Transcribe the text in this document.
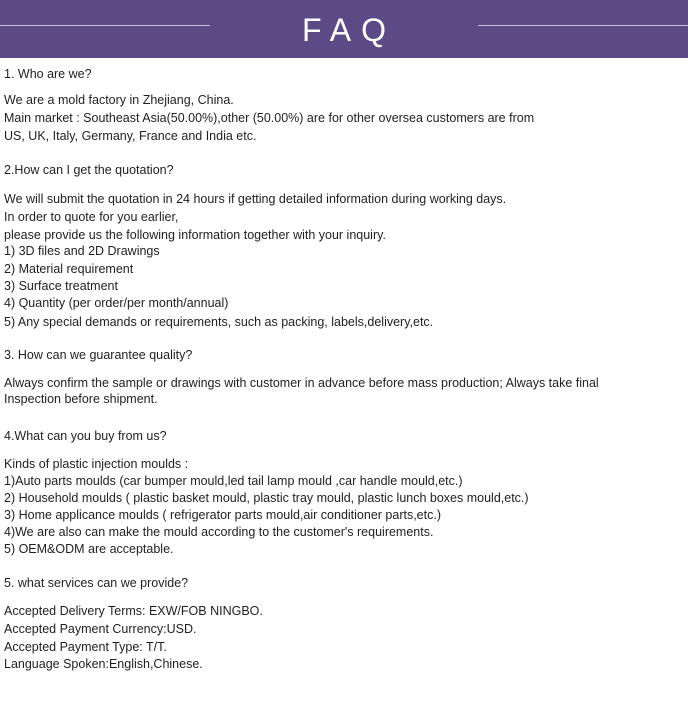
FAQ
1. Who are we?
We are a mold factory in Zhejiang, China.
Main market : Southeast Asia(50.00%),other (50.00%) are for other oversea customers are from
US, UK, Italy, Germany, France and India etc.
2.How can I get the quotation?
We will submit the quotation in 24 hours if getting detailed information during working days.
In order to quote for you earlier,
please provide us the following information together with your inquiry.
1) 3D files and 2D Drawings
2) Material requirement
3) Surface treatment
4) Quantity (per order/per month/annual)
5) Any special demands or requirements, such as packing, labels,delivery,etc.
3. How can we guarantee quality?
Always confirm the sample or drawings with customer in advance before mass production; Always take final
Inspection before shipment.
4.What can you buy from us?
Kinds of plastic injection moulds :
1)Auto parts moulds (car bumper mould,led tail lamp mould ,car handle mould,etc.)
2) Household moulds ( plastic basket mould, plastic tray mould, plastic lunch boxes mould,etc.)
3) Home applicance moulds ( refrigerator parts mould,air conditioner parts,etc.)
4)We are also can make the mould according to the customer's requirements.
5) OEM&ODM are acceptable.
5. what services can we provide?
Accepted Delivery Terms: EXW/FOB NINGBO.
Accepted Payment Currency:USD.
Accepted Payment Type: T/T.
Language Spoken:English,Chinese.
